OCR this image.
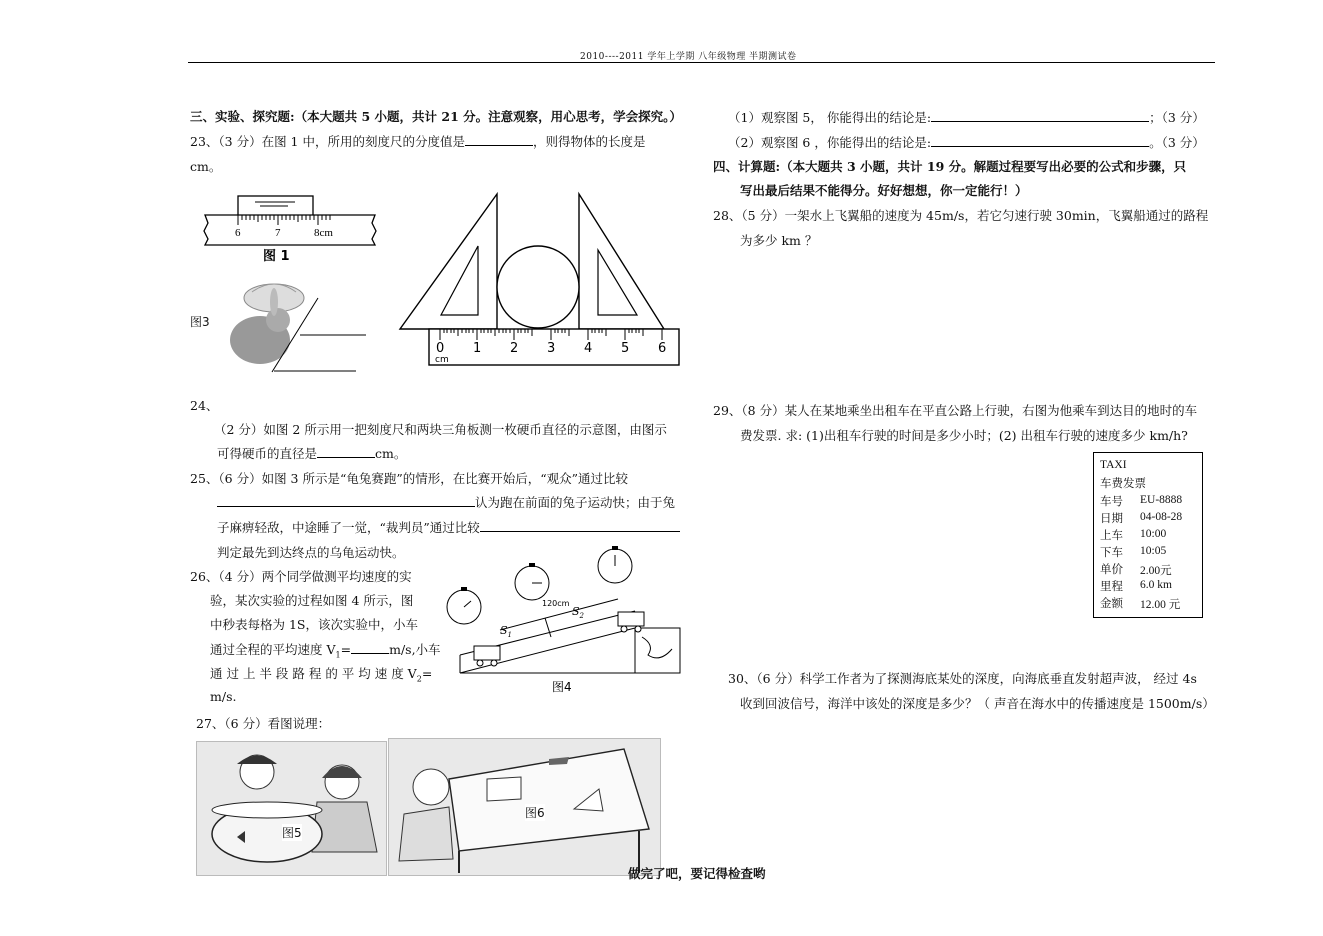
2010----2011 学年上学期 八年级物理 半期测试卷
三、实验、探究题:（本大题共 5 小题，共计 21 分。注意观察，用心思考，学会探究。）
23、（3 分）在图 1 中，所用的刻度尺的分度值是	，则得物体的长度是
cm。
6	7	8cm
图 1
图3
0 1 2 3 4 5 6
cm
24、
（2 分）如图 2 所示用一把刻度尺和两块三角板测一枚硬币直径的示意图，由图示
可得硬币的直径是	cm。
25、（6 分）如图 3 所示是“龟兔赛跑”的情形，在比赛开始后，“观众”通过比较
认为跑在前面的兔子运动快；由于兔
子麻痹轻敌，中途睡了一觉，“裁判员”通过比较
判定最先到达终点的乌龟运动快。
26、（4 分）两个同学做测平均速度的实
验，某次实验的过程如图 4 所示，图
中秒表每格为 1S，该次实验中，小车
通过全程的平均速度 $V_1=$	m/s,小车
通 过 上 半 段 路 程 的 平 均 速 度 $V_2=$
m/s.
120cm
$S_1$
$S_2$
图4
27、（6 分）看图说理：
图5
图6
（1）观察图 5， 你能得出的结论是:	；（3 分）
（2）观察图 6 ，你能得出的结论是:	。（3 分）
四、计算题:（本大题共 3 小题，共计 19 分。解题过程要写出必要的公式和步骤，只
写出最后结果不能得分。好好想想，你一定能行！）
28、（5 分）一架水上飞翼船的速度为 45m/s，若它匀速行驶 30min，飞翼船通过的路程
为多少 km ？
29、（8 分）某人在某地乘坐出租车在平直公路上行驶，右图为他乘车到达目的地时的车
费发票. 求: (1)出租车行驶的时间是多少小时；(2) 出租车行驶的速度多少 km/h?
TAXI
车费发票
车号 EU-8888
日期 04-08-28
上车 10:00
下车 10:05
单价 2.00元
里程 6.0 km
金额 12.00 元
30、（6 分）科学工作者为了探测海底某处的深度，向海底垂直发射超声波， 经过 4s
收到回波信号，海洋中该处的深度是多少？（ 声音在海水中的传播速度是 1500m/s）
做完了吧，要记得检查哟
